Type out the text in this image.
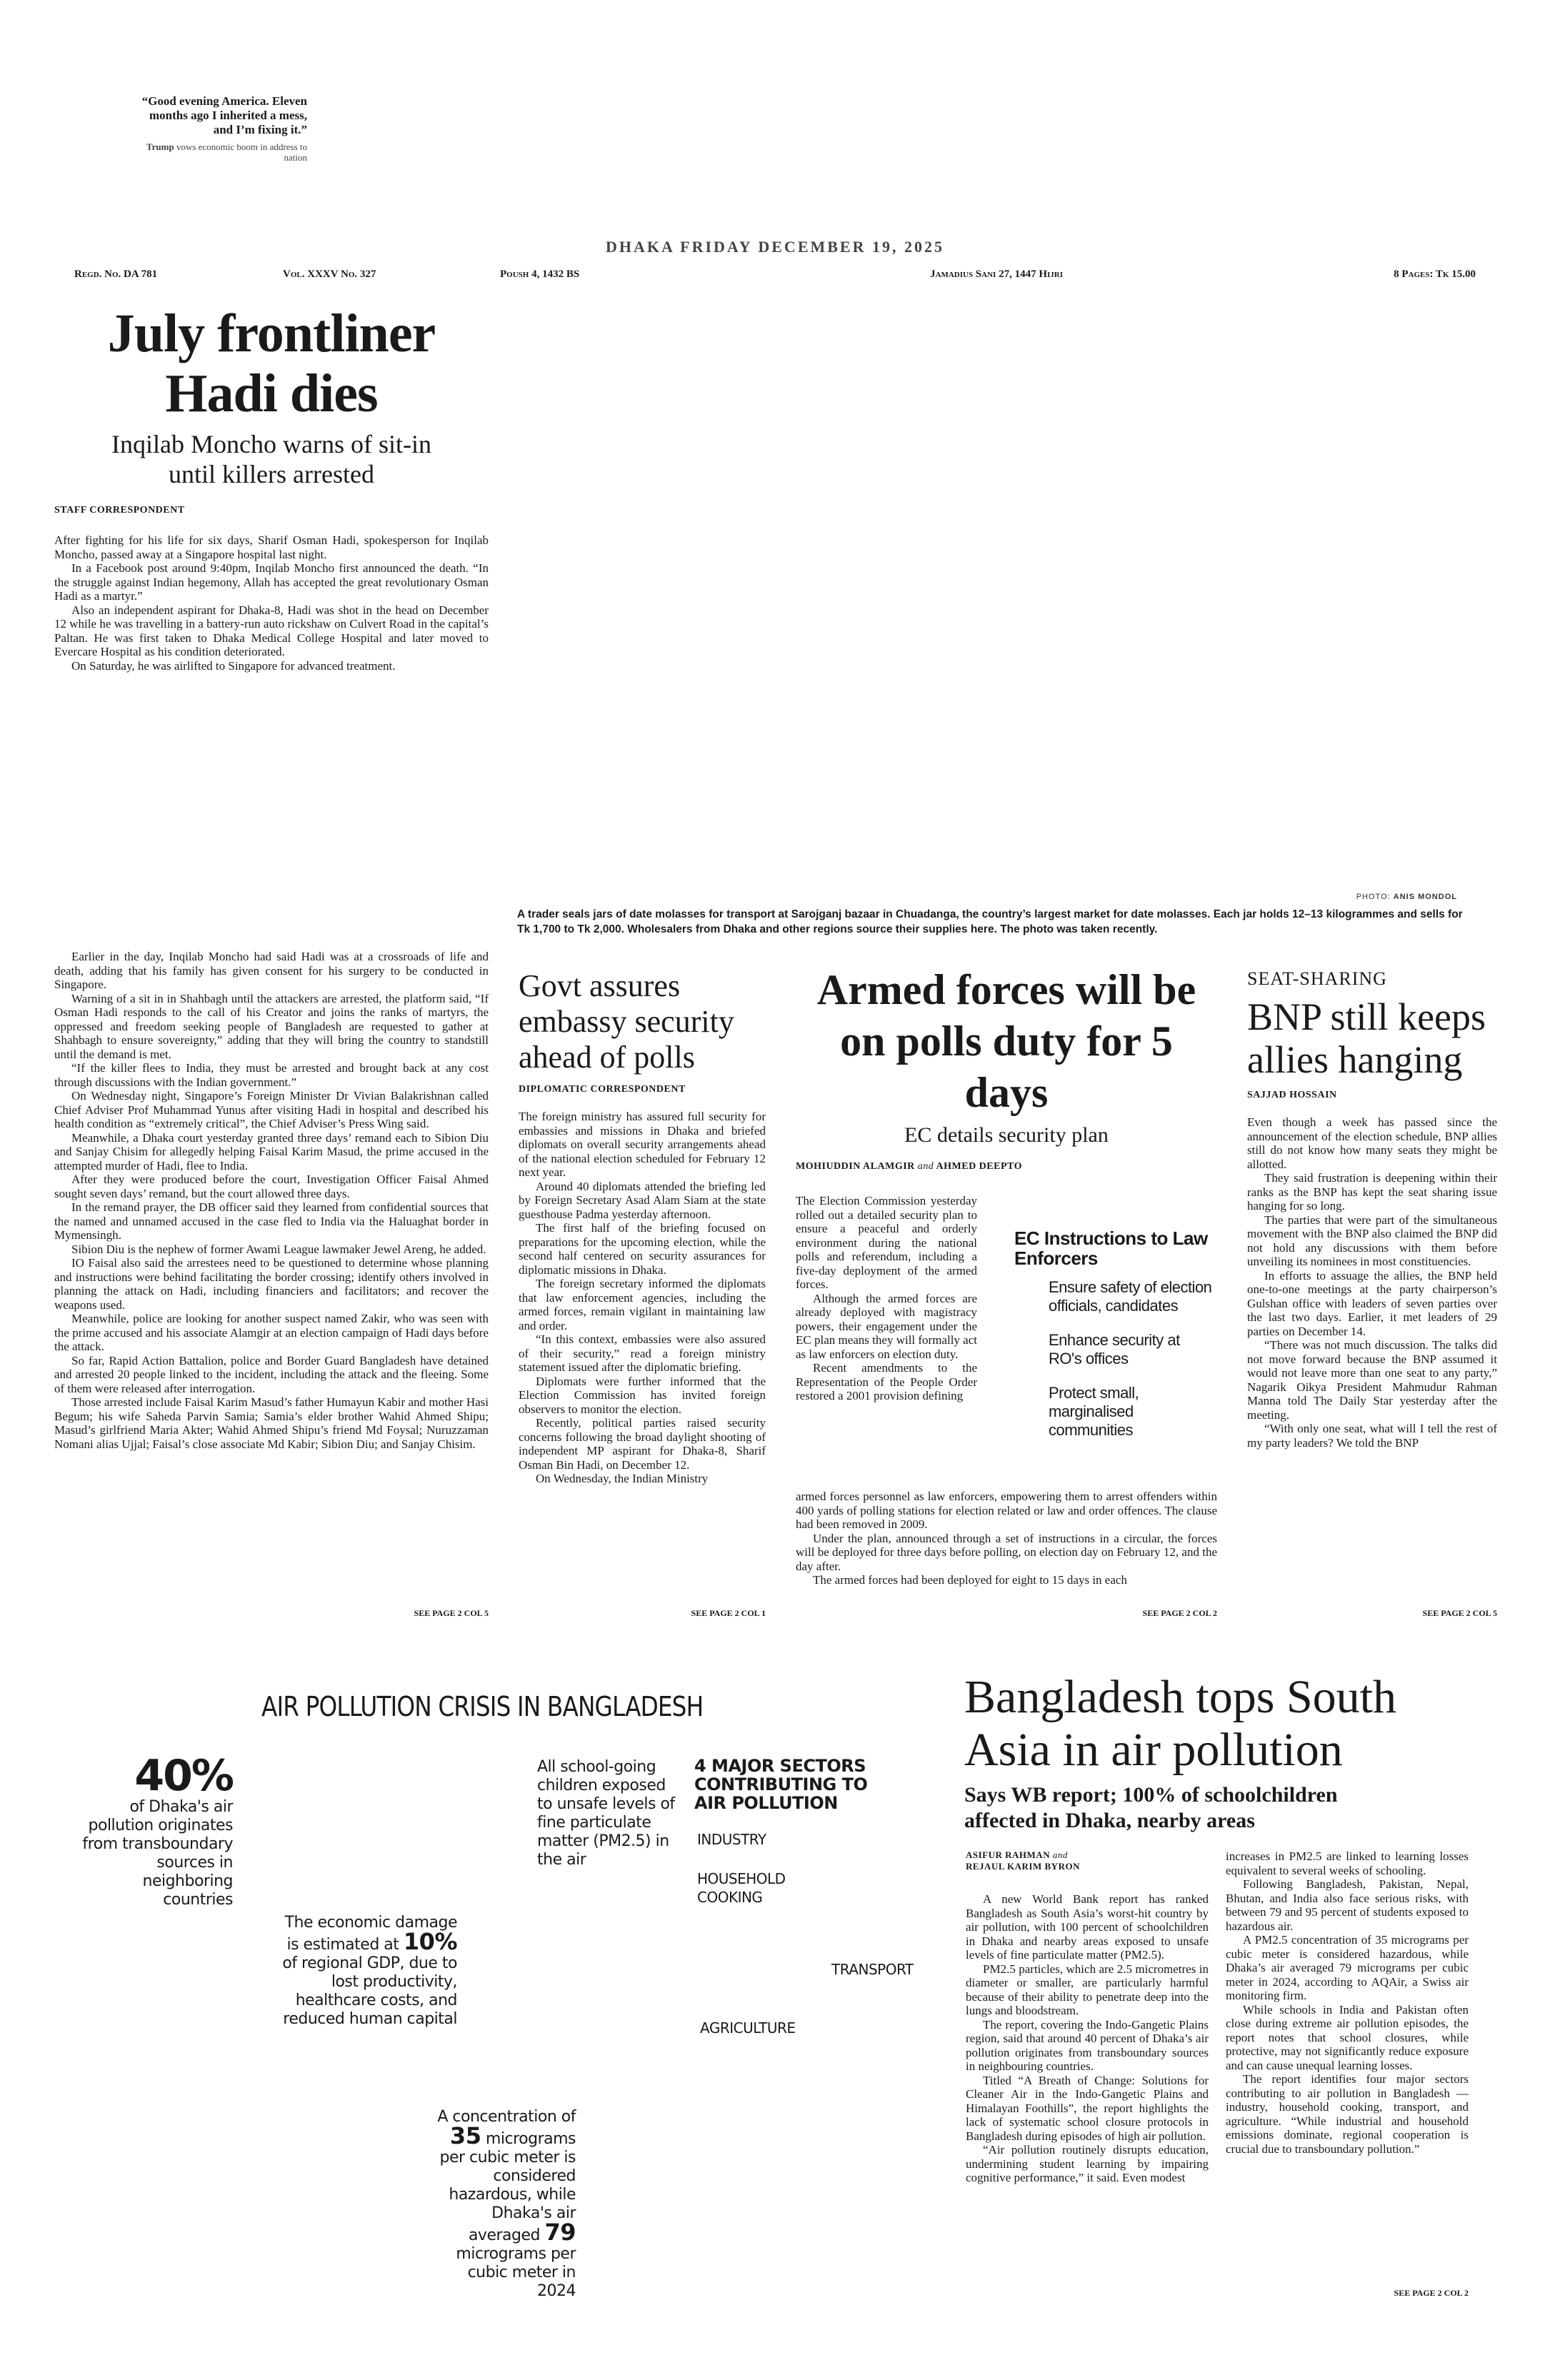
“Good evening America. Eleven months ago I inherited a mess, and I’m fixing it.”
Trump vows economic boom in address to nation
DHAKA FRIDAY DECEMBER 19, 2025
Regd. No. DA 781	Vol. XXXV No. 327	Poush 4, 1432 BS	Jamadius Sani 27, 1447 Hijri	8 Pages: Tk 15.00
July frontliner Hadi dies
Inqilab Moncho warns of sit-in until killers arrested
STAFF CORRESPONDENT

After fighting for his life for six days, Sharif Osman Hadi, spokesperson for Inqilab Moncho, passed away at a Singapore hospital last night.

In a Facebook post around 9:40pm, Inqilab Moncho first announced the death. “In the struggle against Indian hegemony, Allah has accepted the great revolutionary Osman Hadi as a martyr.”

Also an independent aspirant for Dhaka-8, Hadi was shot in the head on December 12 while he was travelling in a battery-run auto rickshaw on Culvert Road in the capital’s Paltan. He was first taken to Dhaka Medical College Hospital and later moved to Evercare Hospital as his condition deteriorated.

On Saturday, he was airlifted to Singapore for advanced treatment.

PHOTO: ANIS MONDOL
A trader seals jars of date molasses for transport at Sarojganj bazaar in Chuadanga, the country’s largest market for date molasses. Each jar holds 12–13 kilogrammes and sells for Tk 1,700 to Tk 2,000. Wholesalers from Dhaka and other regions source their supplies here. The photo was taken recently.

Earlier in the day, Inqilab Moncho had said Hadi was at a crossroads of life and death, adding that his family has given consent for his surgery to be conducted in Singapore.

Warning of a sit in in Shahbagh until the attackers are arrested, the platform said, “If Osman Hadi responds to the call of his Creator and joins the ranks of martyrs, the oppressed and freedom seeking people of Bangladesh are requested to gather at Shahbagh to ensure sovereignty,” adding that they will bring the country to standstill until the demand is met.

“If the killer flees to India, they must be arrested and brought back at any cost through discussions with the Indian government.”

On Wednesday night, Singapore’s Foreign Minister Dr Vivian Balakrishnan called Chief Adviser Prof Muhammad Yunus after visiting Hadi in hospital and described his health condition as “extremely critical”, the Chief Adviser’s Press Wing said.

Meanwhile, a Dhaka court yesterday granted three days’ remand each to Sibion Diu and Sanjay Chisim for allegedly helping Faisal Karim Masud, the prime accused in the attempted murder of Hadi, flee to India.

After they were produced before the court, Investigation Officer Faisal Ahmed sought seven days’ remand, but the court allowed three days.

In the remand prayer, the DB officer said they learned from confidential sources that the named and unnamed accused in the case fled to India via the Haluaghat border in Mymensingh.

Sibion Diu is the nephew of former Awami League lawmaker Jewel Areng, he added.

IO Faisal also said the arrestees need to be questioned to determine whose planning and instructions were behind facilitating the border crossing; identify others involved in planning the attack on Hadi, including financiers and facilitators; and recover the weapons used.

Meanwhile, police are looking for another suspect named Zakir, who was seen with the prime accused and his associate Alamgir at an election campaign of Hadi days before the attack.

So far, Rapid Action Battalion, police and Border Guard Bangladesh have detained and arrested 20 people linked to the incident, including the attack and the fleeing. Some of them were released after interrogation.

Those arrested include Faisal Karim Masud’s father Humayun Kabir and mother Hasi Begum; his wife Saheda Parvin Samia; Samia’s elder brother Wahid Ahmed Shipu; Masud’s girlfriend Maria Akter; Wahid Ahmed Shipu’s friend Md Foysal; Nuruzzaman Nomani alias Ujjal; Faisal’s close associate Md Kabir; Sibion Diu; and Sanjay Chisim.

SEE PAGE 2 COL 5
Govt assures embassy security ahead of polls
DIPLOMATIC CORRESPONDENT

The foreign ministry has assured full security for embassies and missions in Dhaka and briefed diplomats on overall security arrangements ahead of the national election scheduled for February 12 next year.

Around 40 diplomats attended the briefing led by Foreign Secretary Asad Alam Siam at the state guesthouse Padma yesterday afternoon.

The first half of the briefing focused on preparations for the upcoming election, while the second half centered on security assurances for diplomatic missions in Dhaka.

The foreign secretary informed the diplomats that law enforcement agencies, including the armed forces, remain vigilant in maintaining law and order.

“In this context, embassies were also assured of their security,” read a foreign ministry statement issued after the diplomatic briefing.

Diplomats were further informed that the Election Commission has invited foreign observers to monitor the election.

Recently, political parties raised security concerns following the broad daylight shooting of independent MP aspirant for Dhaka-8, Sharif Osman Bin Hadi, on December 12.

On Wednesday, the Indian Ministry

SEE PAGE 2 COL 1
Armed forces will be on polls duty for 5 days
EC details security plan
MOHIUDDIN ALAMGIR and AHMED DEEPTO

The Election Commission yesterday rolled out a detailed security plan to ensure a peaceful and orderly environment during the national polls and referendum, including a five-day deployment of the armed forces.

Although the armed forces are already deployed with magistracy powers, their engagement under the EC plan means they will formally act as law enforcers on election duty.

Recent amendments to the Representation of the People Order restored a 2001 provision defining

EC Instructions to Law Enforcers
Ensure safety of election officials, candidates
Enhance security at RO's offices
Protect small, marginalised communities

armed forces personnel as law enforcers, empowering them to arrest offenders within 400 yards of polling stations for election related or law and order offences. The clause had been removed in 2009.

Under the plan, announced through a set of instructions in a circular, the forces will be deployed for three days before polling, on election day on February 12, and the day after.

The armed forces had been deployed for eight to 15 days in each

SEE PAGE 2 COL 2
SEAT-SHARING
BNP still keeps allies hanging
SAJJAD HOSSAIN

Even though a week has passed since the announcement of the election schedule, BNP allies still do not know how many seats they might be allotted.

They said frustration is deepening within their ranks as the BNP has kept the seat sharing issue hanging for so long.

The parties that were part of the simultaneous movement with the BNP also claimed the BNP did not hold any discussions with them before unveiling its nominees in most constituencies.

In efforts to assuage the allies, the BNP held one-to-one meetings at the party chairperson’s Gulshan office with leaders of seven parties over the last two days. Earlier, it met leaders of 29 parties on December 14.

“There was not much discussion. The talks did not move forward because the BNP assumed it would not leave more than one seat to any party,” Nagarik Oikya President Mahmudur Rahman Manna told The Daily Star yesterday after the meeting.

“With only one seat, what will I tell the rest of my party leaders? We told the BNP

SEE PAGE 2 COL 5
AIR POLLUTION CRISIS IN BANGLADESH
40%
of Dhaka's air pollution originates from transboundary sources in neighboring countries
The economic damage is estimated at 10% of regional GDP, due to lost productivity, healthcare costs, and reduced human capital
A concentration of 35 micrograms per cubic meter is considered hazardous, while Dhaka's air averaged 79 micrograms per cubic meter in 2024
All school-going children exposed to unsafe levels of fine particulate matter (PM2.5) in the air
4 MAJOR SECTORS CONTRIBUTING TO AIR POLLUTION
INDUSTRY
HOUSEHOLD COOKING
TRANSPORT
AGRICULTURE
Bangladesh tops South Asia in air pollution
Says WB report; 100% of schoolchildren affected in Dhaka, nearby areas
ASIFUR RAHMAN and
REJAUL KARIM BYRON

A new World Bank report has ranked Bangladesh as South Asia’s worst-hit country by air pollution, with 100 percent of schoolchildren in Dhaka and nearby areas exposed to unsafe levels of fine particulate matter (PM2.5).

PM2.5 particles, which are 2.5 micrometres in diameter or smaller, are particularly harmful because of their ability to penetrate deep into the lungs and bloodstream.

The report, covering the Indo-Gangetic Plains region, said that around 40 percent of Dhaka’s air pollution originates from transboundary sources in neighbouring countries.

Titled “A Breath of Change: Solutions for Cleaner Air in the Indo-Gangetic Plains and Himalayan Foothills”, the report highlights the lack of systematic school closure protocols in Bangladesh during episodes of high air pollution.

“Air pollution routinely disrupts education, undermining student learning by impairing cognitive performance,” it said. Even modest

increases in PM2.5 are linked to learning losses equivalent to several weeks of schooling.

Following Bangladesh, Pakistan, Nepal, Bhutan, and India also face serious risks, with between 79 and 95 percent of students exposed to hazardous air.

A PM2.5 concentration of 35 micrograms per cubic meter is considered hazardous, while Dhaka’s air averaged 79 micrograms per cubic meter in 2024, according to AQAir, a Swiss air monitoring firm.

While schools in India and Pakistan often close during extreme air pollution episodes, the report notes that school closures, while protective, may not significantly reduce exposure and can cause unequal learning losses.

The report identifies four major sectors contributing to air pollution in Bangladesh — industry, household cooking, transport, and agriculture. “While industrial and household emissions dominate, regional cooperation is crucial due to transboundary pollution.”

SEE PAGE 2 COL 2
